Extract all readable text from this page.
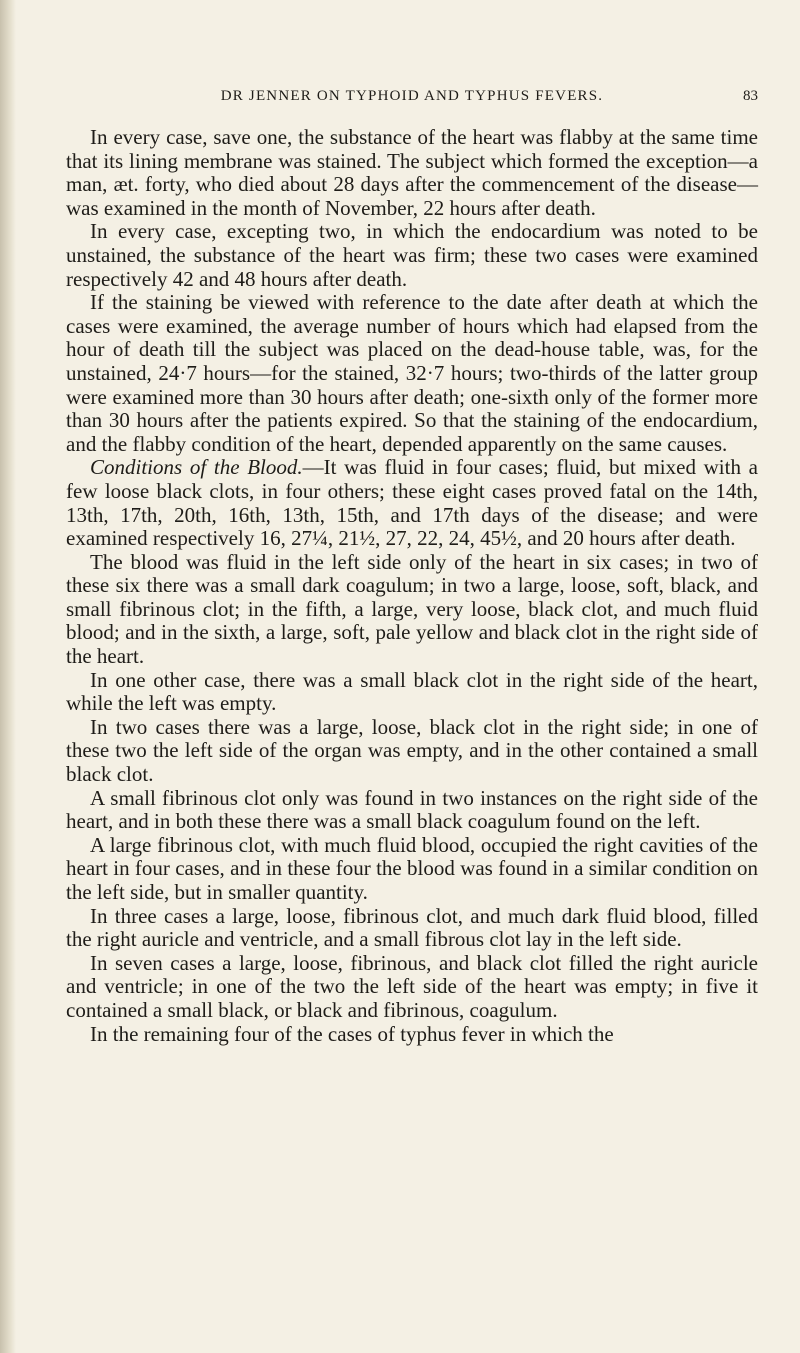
DR JENNER ON TYPHOID AND TYPHUS FEVERS.	83

In every case, save one, the substance of the heart was flabby at the same time that its lining membrane was stained. The subject which formed the exception—a man, æt. forty, who died about 28 days after the commencement of the disease—was examined in the month of November, 22 hours after death.

In every case, excepting two, in which the endocardium was noted to be unstained, the substance of the heart was firm; these two cases were examined respectively 42 and 48 hours after death.

If the staining be viewed with reference to the date after death at which the cases were examined, the average number of hours which had elapsed from the hour of death till the subject was placed on the dead-house table, was, for the unstained, 24·7 hours—for the stained, 32·7 hours; two-thirds of the latter group were examined more than 30 hours after death; one-sixth only of the former more than 30 hours after the patients expired. So that the staining of the endocardium, and the flabby condition of the heart, depended apparently on the same causes.

Conditions of the Blood.—It was fluid in four cases; fluid, but mixed with a few loose black clots, in four others; these eight cases proved fatal on the 14th, 13th, 17th, 20th, 16th, 13th, 15th, and 17th days of the disease; and were examined respectively 16, 27¼, 21½, 27, 22, 24, 45½, and 20 hours after death.

The blood was fluid in the left side only of the heart in six cases; in two of these six there was a small dark coagulum; in two a large, loose, soft, black, and small fibrinous clot; in the fifth, a large, very loose, black clot, and much fluid blood; and in the sixth, a large, soft, pale yellow and black clot in the right side of the heart.

In one other case, there was a small black clot in the right side of the heart, while the left was empty.

In two cases there was a large, loose, black clot in the right side; in one of these two the left side of the organ was empty, and in the other contained a small black clot.

A small fibrinous clot only was found in two instances on the right side of the heart, and in both these there was a small black coagulum found on the left.

A large fibrinous clot, with much fluid blood, occupied the right cavities of the heart in four cases, and in these four the blood was found in a similar condition on the left side, but in smaller quantity.

In three cases a large, loose, fibrinous clot, and much dark fluid blood, filled the right auricle and ventricle, and a small fibrous clot lay in the left side.

In seven cases a large, loose, fibrinous, and black clot filled the right auricle and ventricle; in one of the two the left side of the heart was empty; in five it contained a small black, or black and fibrinous, coagulum.

In the remaining four of the cases of typhus fever in which the
